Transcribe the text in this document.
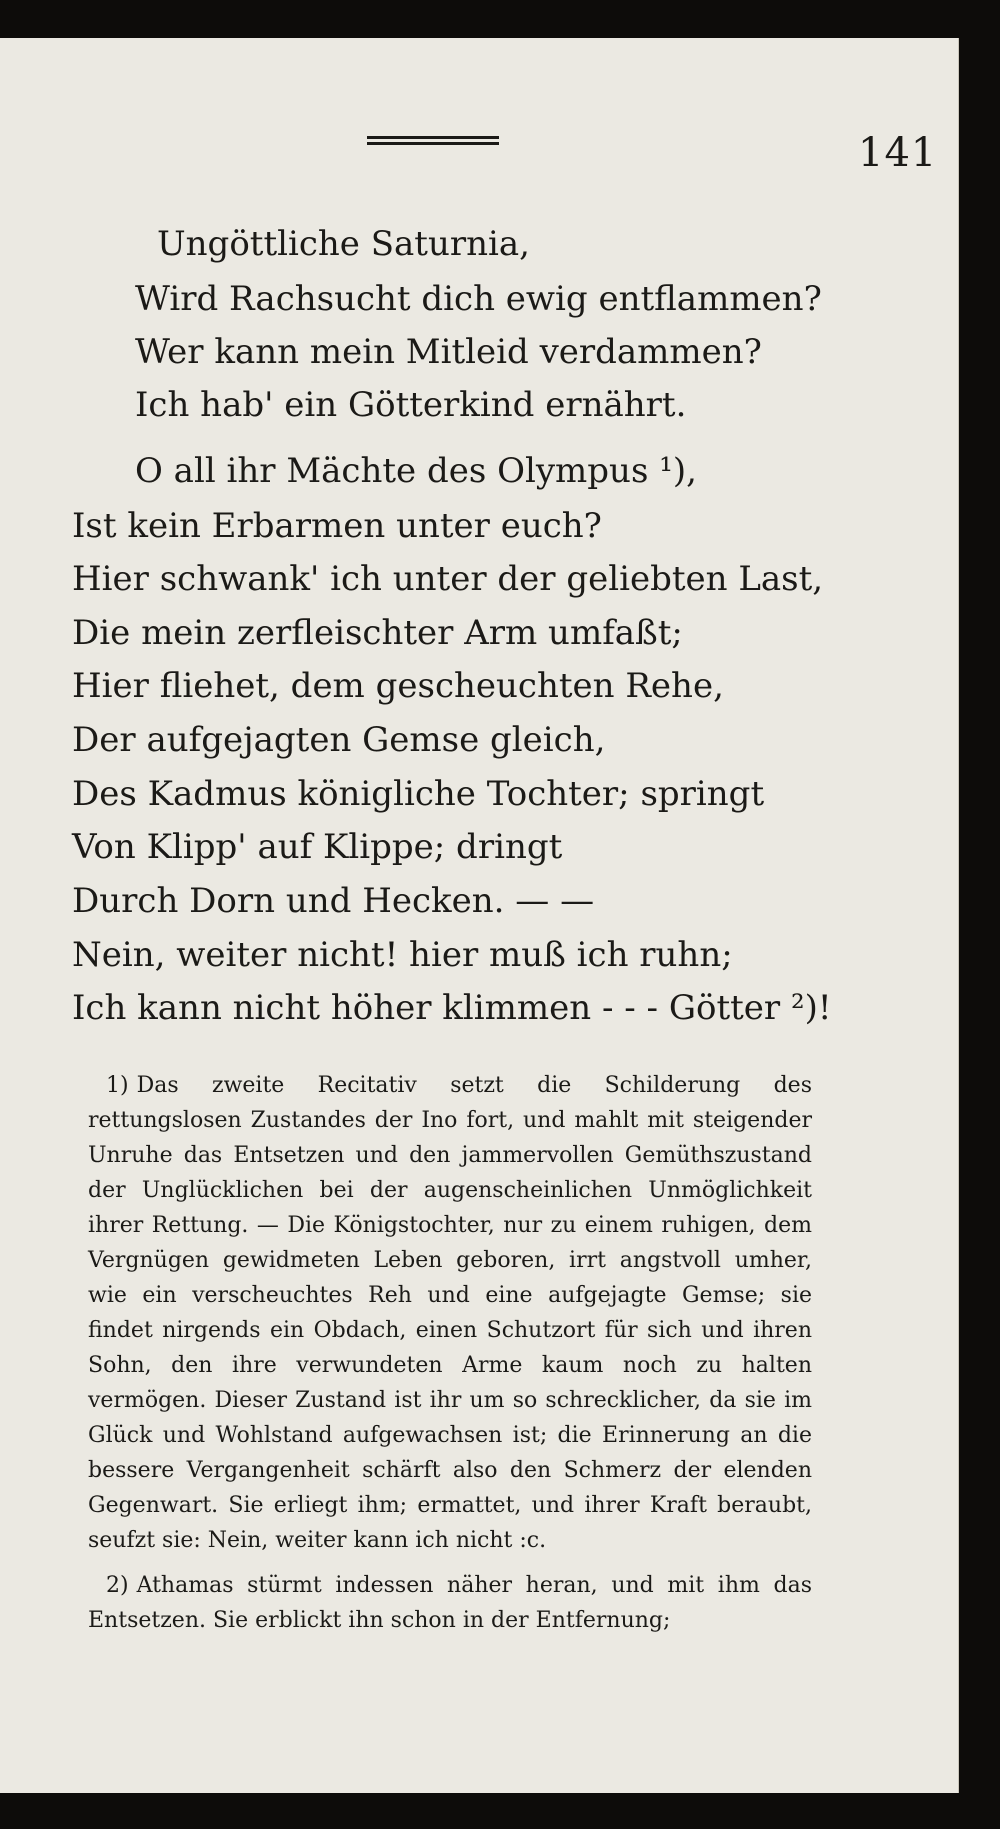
141
Ungöttliche Saturnia,
Wird Rachsucht dich ewig entflammen?
Wer kann mein Mitleid verdammen?
Ich hab' ein Götterkind ernährt.
O all ihr Mächte des Olympus ¹),
Ist kein Erbarmen unter euch?
Hier schwank' ich unter der geliebten Last,
Die mein zerfleischter Arm umfaßt;
Hier fliehet, dem gescheuchten Rehe,
Der aufgejagten Gemse gleich,
Des Kadmus königliche Tochter; springt
Von Klipp' auf Klippe; dringt
Durch Dorn und Hecken. — —
Nein, weiter nicht! hier muß ich ruhn;
Ich kann nicht höher klimmen - - - Götter ²)!
1) Das zweite Recitativ setzt die Schilderung des rettungslosen Zustandes der Ino fort, und mahlt mit steigender Unruhe das Entsetzen und den jammervollen Gemüthszustand der Unglücklichen bei der augenscheinlichen Unmöglichkeit ihrer Rettung. — Die Königstochter, nur zu einem ruhigen, dem Vergnügen gewidmeten Leben geboren, irrt angstvoll umher, wie ein verscheuchtes Reh und eine aufgejagte Gemse; sie findet nirgends ein Obdach, einen Schutzort für sich und ihren Sohn, den ihre verwundeten Arme kaum noch zu halten vermögen. Dieser Zustand ist ihr um so schrecklicher, da sie im Glück und Wohlstand aufgewachsen ist; die Erinnerung an die bessere Vergangenheit schärft also den Schmerz der elenden Gegenwart. Sie erliegt ihm; ermattet, und ihrer Kraft beraubt, seufzt sie: Nein, weiter kann ich nicht :c.
2) Athamas stürmt indessen näher heran, und mit ihm das Entsetzen. Sie erblickt ihn schon in der Entfernung;
